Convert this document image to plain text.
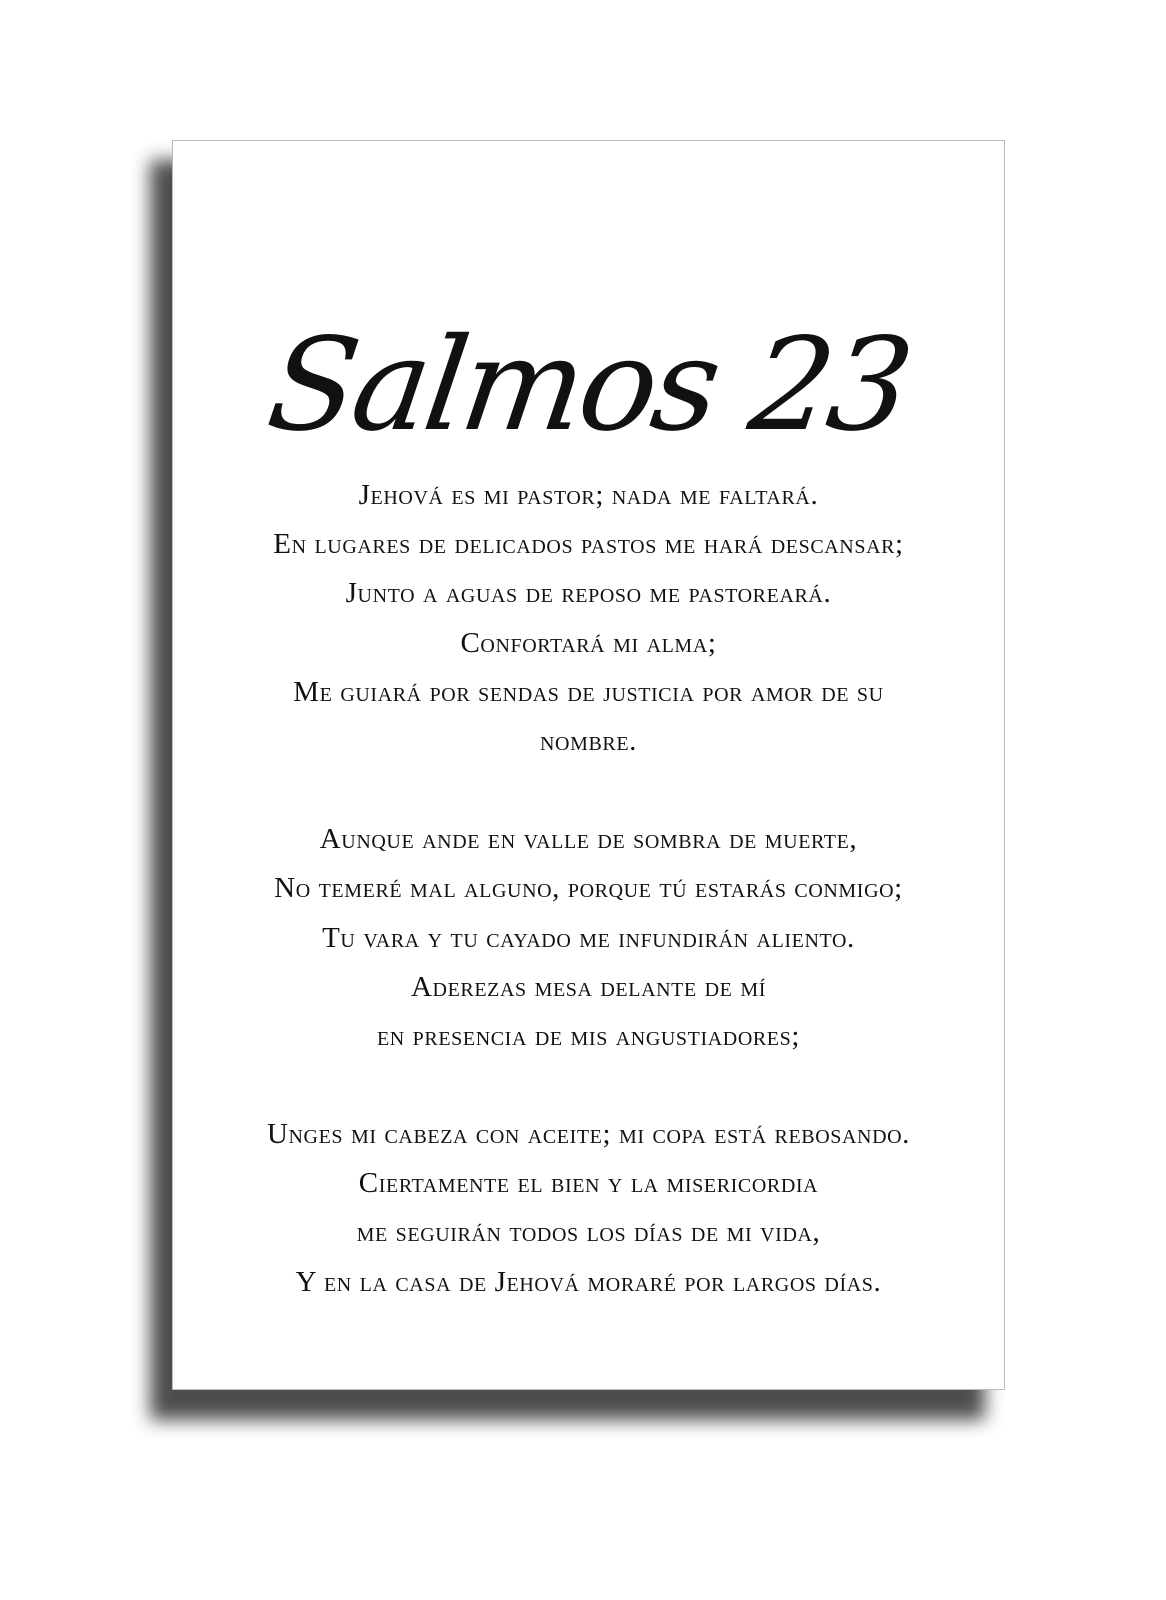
Salmos 23
Jehová es mi pastor; nada me faltará.
En lugares de delicados pastos me hará descansar;
Junto a aguas de reposo me pastoreará.
Confortará mi alma;
Me guiará por sendas de justicia por amor de su
nombre.
Aunque ande en valle de sombra de muerte,
No temeré mal alguno, porque tú estarás conmigo;
Tu vara y tu cayado me infundirán aliento.
Aderezas mesa delante de mí
en presencia de mis angustiadores;
Unges mi cabeza con aceite; mi copa está rebosando.
Ciertamente el bien y la misericordia
me seguirán todos los días de mi vida,
Y en la casa de Jehová moraré por largos días.
